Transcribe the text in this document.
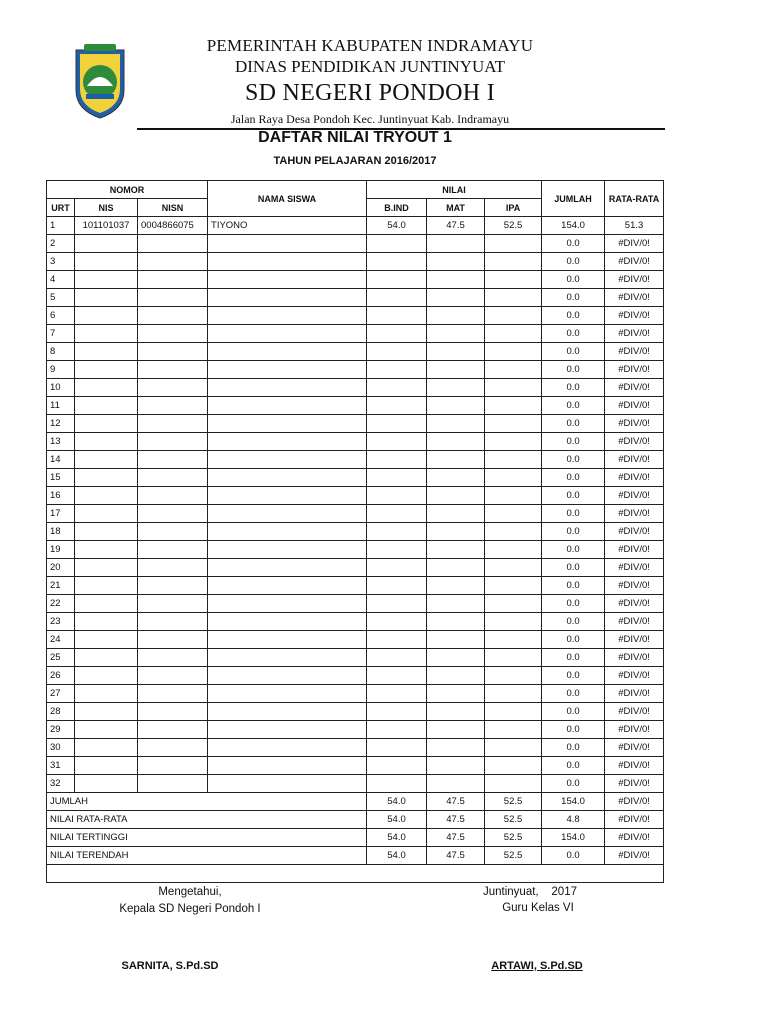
PEMERINTAH KABUPATEN INDRAMAYU
DINAS PENDIDIKAN JUNTINYUAT
SD NEGERI PONDOH I
Jalan Raya Desa Pondoh Kec. Juntinyuat Kab. Indramayu
DAFTAR NILAI TRYOUT 1
TAHUN PELAJARAN 2016/2017
NOMOR			NAMA SISWA	NILAI			JUMLAH	RATA-RATA
URT	NIS	NISN		B.IND	MAT	IPA		
1	101101037	0004866075	TIYONO	54.0	47.5	52.5	154.0	51.3
2							0.0	#DIV/0!
3							0.0	#DIV/0!
4							0.0	#DIV/0!
5							0.0	#DIV/0!
6							0.0	#DIV/0!
7							0.0	#DIV/0!
8							0.0	#DIV/0!
9							0.0	#DIV/0!
10							0.0	#DIV/0!
11							0.0	#DIV/0!
12							0.0	#DIV/0!
13							0.0	#DIV/0!
14							0.0	#DIV/0!
15							0.0	#DIV/0!
16							0.0	#DIV/0!
17							0.0	#DIV/0!
18							0.0	#DIV/0!
19							0.0	#DIV/0!
20							0.0	#DIV/0!
21							0.0	#DIV/0!
22							0.0	#DIV/0!
23							0.0	#DIV/0!
24							0.0	#DIV/0!
25							0.0	#DIV/0!
26							0.0	#DIV/0!
27							0.0	#DIV/0!
28							0.0	#DIV/0!
29							0.0	#DIV/0!
30							0.0	#DIV/0!
31							0.0	#DIV/0!
32							0.0	#DIV/0!
JUMLAH				54.0	47.5	52.5	154.0	#DIV/0!
NILAI RATA-RATA				54.0	47.5	52.5	4.8	#DIV/0!
NILAI TERTINGGI				54.0	47.5	52.5	154.0	#DIV/0!
NILAI TERENDAH				54.0	47.5	52.5	0.0	#DIV/0!

Mengetahui,
Kepala SD Negeri Pondoh I
SARNITA, S.Pd.SD
Juntinyuat,    2017
Guru Kelas VI
ARTAWI, S.Pd.SD
